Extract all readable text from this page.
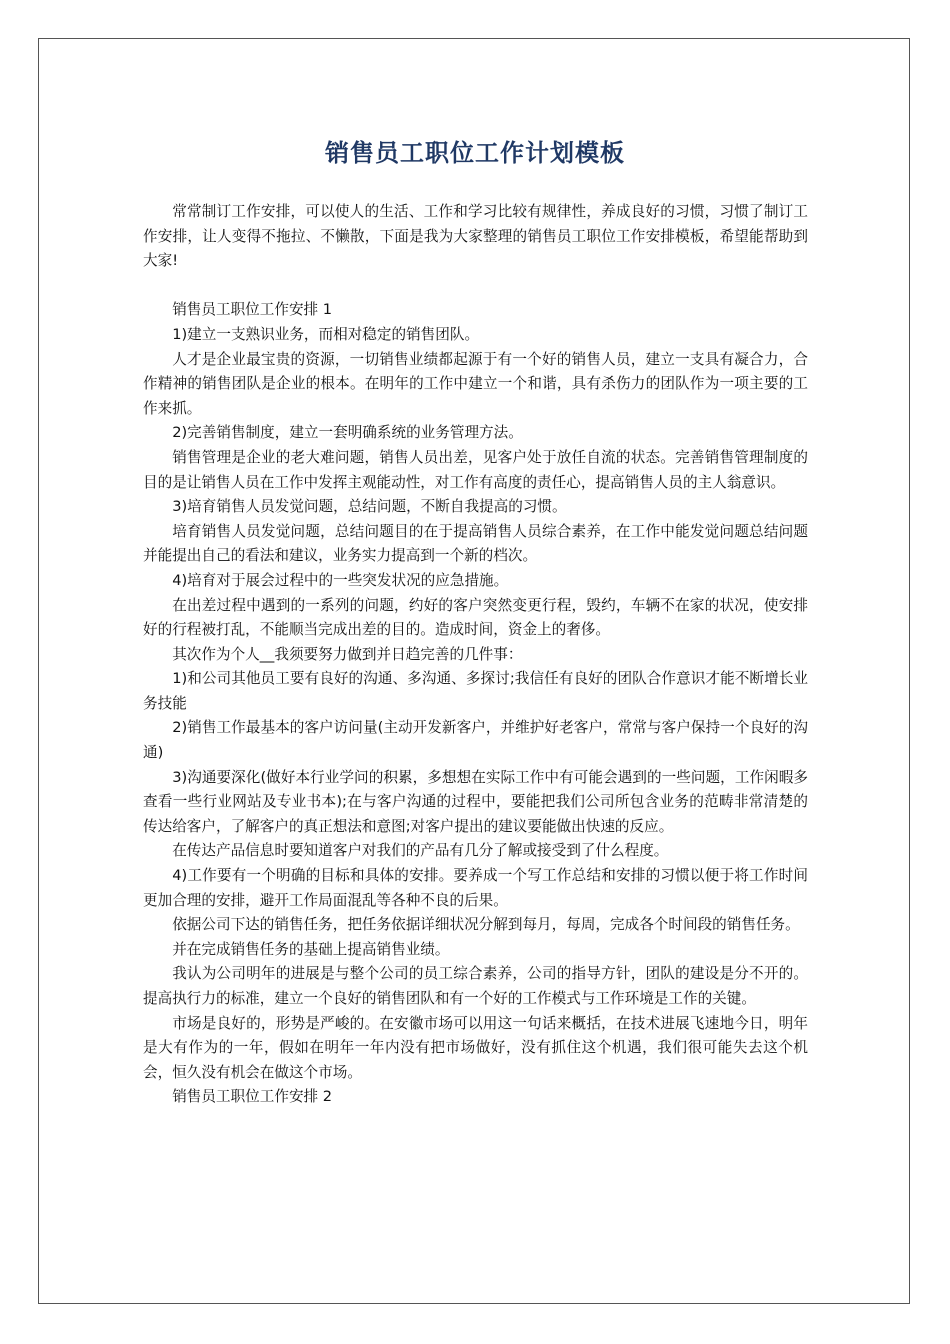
销售员工职位工作计划模板

常常制订工作安排，可以使人的生活、工作和学习比较有规律性，养成良好的习惯，习惯了制订工作安排，让人变得不拖拉、不懒散，下面是我为大家整理的销售员工职位工作安排模板，希望能帮助到大家!

销售员工职位工作安排 1

1)建立一支熟识业务，而相对稳定的销售团队。

人才是企业最宝贵的资源，一切销售业绩都起源于有一个好的销售人员，建立一支具有凝合力，合作精神的销售团队是企业的根本。在明年的工作中建立一个和谐，具有杀伤力的团队作为一项主要的工作来抓。

2)完善销售制度，建立一套明确系统的业务管理方法。

销售管理是企业的老大难问题，销售人员出差，见客户处于放任自流的状态。完善销售管理制度的目的是让销售人员在工作中发挥主观能动性，对工作有高度的责任心，提高销售人员的主人翁意识。

3)培育销售人员发觉问题，总结问题，不断自我提高的习惯。

培育销售人员发觉问题，总结问题目的在于提高销售人员综合素养，在工作中能发觉问题总结问题并能提出自己的看法和建议，业务实力提高到一个新的档次。

4)培育对于展会过程中的一些突发状况的应急措施。

在出差过程中遇到的一系列的问题，约好的客户突然变更行程，毁约，车辆不在家的状况，使安排好的行程被打乱，不能顺当完成出差的目的。造成时间，资金上的奢侈。

其次作为个人__我须要努力做到并日趋完善的几件事：

1)和公司其他员工要有良好的沟通、多沟通、多探讨;我信任有良好的团队合作意识才能不断增长业务技能

2)销售工作最基本的客户访问量(主动开发新客户，并维护好老客户，常常与客户保持一个良好的沟通)

3)沟通要深化(做好本行业学问的积累，多想想在实际工作中有可能会遇到的一些问题，工作闲暇多查看一些行业网站及专业书本);在与客户沟通的过程中，要能把我们公司所包含业务的范畴非常清楚的传达给客户，了解客户的真正想法和意图;对客户提出的建议要能做出快速的反应。

在传达产品信息时要知道客户对我们的产品有几分了解或接受到了什么程度。

4)工作要有一个明确的目标和具体的安排。要养成一个写工作总结和安排的习惯以便于将工作时间更加合理的安排，避开工作局面混乱等各种不良的后果。

依据公司下达的销售任务，把任务依据详细状况分解到每月，每周，完成各个时间段的销售任务。

并在完成销售任务的基础上提高销售业绩。

我认为公司明年的进展是与整个公司的员工综合素养，公司的指导方针，团队的建设是分不开的。提高执行力的标准，建立一个良好的销售团队和有一个好的工作模式与工作环境是工作的关键。

市场是良好的，形势是严峻的。在安徽市场可以用这一句话来概括，在技术进展飞速地今日，明年是大有作为的一年，假如在明年一年内没有把市场做好，没有抓住这个机遇，我们很可能失去这个机会，恒久没有机会在做这个市场。

销售员工职位工作安排 2
